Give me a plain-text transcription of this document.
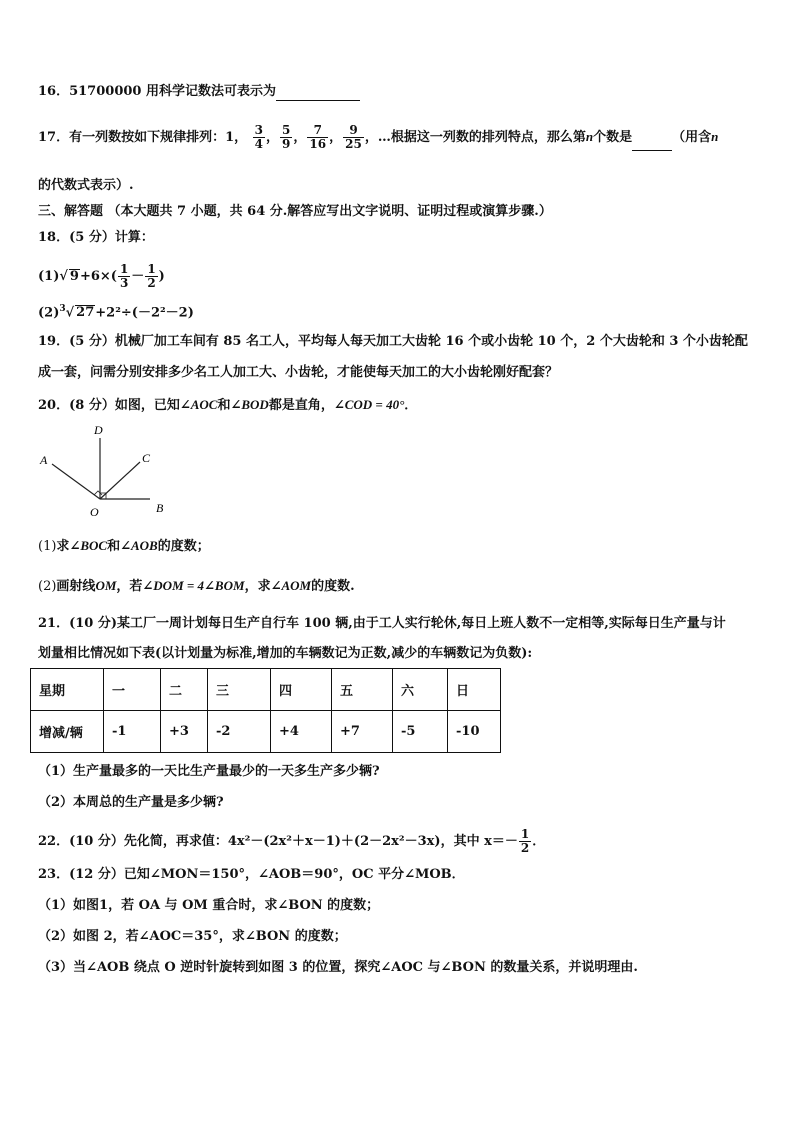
16．51700000 用科学记数法可表示为
17．有一列数按如下规律排列：1， $\frac{3}{4}$ ， $\frac{5}{9}$ ， $\frac{7}{16}$ ， $\frac{9}{25}$ ，…根据这一列数的排列特点，那么第n个数是	（用含n
的代数式表示）.
三、解答题 （本大题共 7 小题，共 64 分.解答应写出文字说明、证明过程或演算步骤.）
18．(5 分）计算：
(1)√ $9+6\times( \frac{1}{3} - \frac{1}{2}$ )
$(2)^3√$ 27+2²÷(－2²－2)
19．(5 分）机械厂加工车间有 85 名工人，平均每人每天加工大齿轮 16 个或小齿轮 10 个，2 个大齿轮和 3 个小齿轮配
成一套，问需分别安排多少名工人加工大、小齿轮，才能使每天加工的大小齿轮刚好配套？
20．(8 分）如图，已知∠AOC和∠BOD都是直角，∠COD = 40°．
A
D
C
B
O
(1)求∠BOC和∠AOB的度数；
(2)画射线OM，若∠DOM = 4∠BOM，求∠AOM的度数.
21．(10 分)某工厂一周计划每日生产自行车 100 辆,由于工人实行轮休,每日上班人数不一定相等,实际每日生产量与计
划量相比情况如下表(以计划量为标准,增加的车辆数记为正数,减少的车辆数记为负数):
星期	一	二	三	四	五	六	日
增减/辆	-1	+3	-2	+4	+7	-5	-10
（1）生产量最多的一天比生产量最少的一天多生产多少辆?
（2）本周总的生产量是多少辆?
22．(10 分）先化简，再求值：4x²－(2x²＋x－1)＋(2－2x²－3x)，其中 $x=- \frac{1}{2}$ ．
23．(12 分）已知∠MON＝150°，∠AOB＝90°，OC 平分∠MOB．
（1）如图1，若 OA 与 OM 重合时，求∠BON 的度数；
（2）如图 2，若∠AOC＝35°，求∠BON 的度数；
（3）当∠AOB 绕点 O 逆时针旋转到如图 3 的位置，探究∠AOC 与∠BON 的数量关系，并说明理由.
